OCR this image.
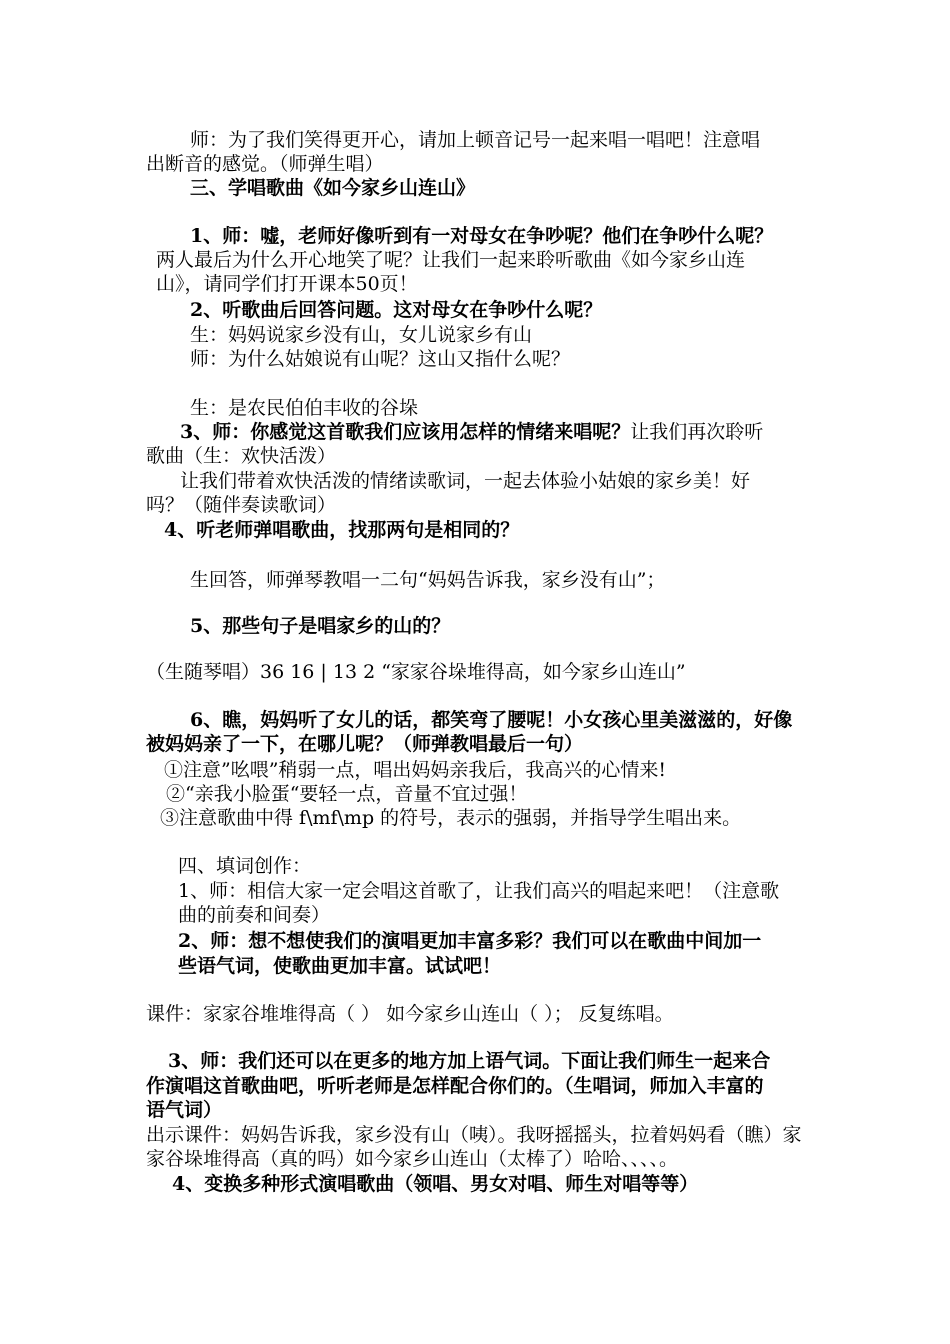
师：为了我们笑得更开心，请加上顿音记号一起来唱一唱吧！注意唱

出断音的感觉。（师弹生唱）

三、学唱歌曲《如今家乡山连山》

1、师：嘘，老师好像听到有一对母女在争吵呢？他们在争吵什么呢？

两人最后为什么开心地笑了呢？让我们一起来聆听歌曲《如今家乡山连

山》，请同学们打开课本50页！

2、听歌曲后回答问题。这对母女在争吵什么呢？

生：妈妈说家乡没有山，女儿说家乡有山

师：为什么姑娘说有山呢？这山又指什么呢？

生：是农民伯伯丰收的谷垛

3、师：你感觉这首歌我们应该用怎样的情绪来唱呢？让我们再次聆听

歌曲（生：欢快活泼）

让我们带着欢快活泼的情绪读歌词，一起去体验小姑娘的家乡美！好

吗？（随伴奏读歌词）

4、听老师弹唱歌曲，找那两句是相同的？

生回答，师弹琴教唱一二句“妈妈告诉我，家乡没有山”；

5、那些句子是唱家乡的山的？

（生随琴唱）36 16 | 13 2 “家家谷垛堆得高，如今家乡山连山”

6、瞧，妈妈听了女儿的话，都笑弯了腰呢！小女孩心里美滋滋的，好像

被妈妈亲了一下，在哪儿呢？（师弹教唱最后一句）

①注意”吆喂”稍弱一点，唱出妈妈亲我后，我高兴的心情来!

②“亲我小脸蛋“要轻一点，音量不宜过强！

③注意歌曲中得 f\mf\mp 的符号，表示的强弱，并指导学生唱出来。

四、填词创作：

1、师：相信大家一定会唱这首歌了，让我们高兴的唱起来吧！（注意歌

曲的前奏和间奏）

2、师：想不想使我们的演唱更加丰富多彩？我们可以在歌曲中间加一

些语气词，使歌曲更加丰富。试试吧！

课件：家家谷堆堆得高（ ） 如今家乡山连山（ ）； 反复练唱。

3、师：我们还可以在更多的地方加上语气词。下面让我们师生一起来合

作演唱这首歌曲吧，听听老师是怎样配合你们的。（生唱词，师加入丰富的

语气词）

出示课件：妈妈告诉我，家乡没有山（咦）。我呀摇摇头，拉着妈妈看（瞧）家

家谷垛堆得高（真的吗）如今家乡山连山（太棒了）哈哈、、、、。

4、变换多种形式演唱歌曲（领唱、男女对唱、师生对唱等等）
